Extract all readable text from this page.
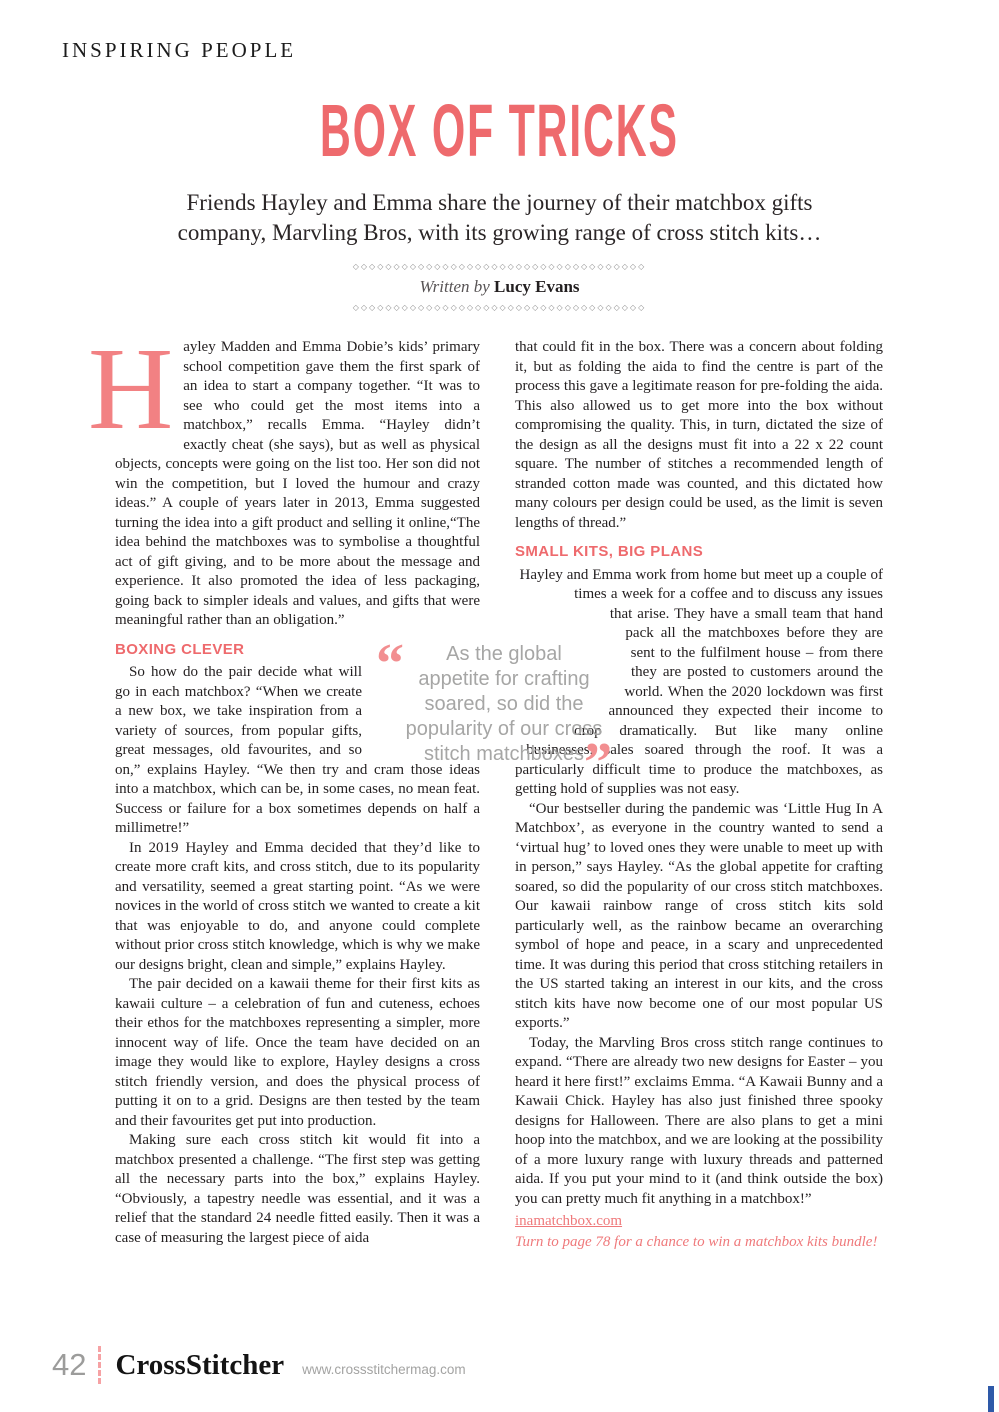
INSPIRING PEOPLE
BOX OF TRICKS
Friends Hayley and Emma share the journey of their matchbox gifts
company, Marvling Bros, with its growing range of cross stitch kits…
◇◇◇◇◇◇◇◇◇◇◇◇◇◇◇◇◇◇◇◇◇◇◇◇◇◇◇◇◇◇◇◇◇◇◇◇
Written by Lucy Evans
◇◇◇◇◇◇◇◇◇◇◇◇◇◇◇◇◇◇◇◇◇◇◇◇◇◇◇◇◇◇◇◇◇◇◇◇

Hayley Madden and Emma Dobie’s kids’ primary school competition gave them the first spark of an idea to start a company together. “It was to see who could get the most items into a matchbox,” recalls Emma. “Hayley didn’t exactly cheat (she says), but as well as physical objects, concepts were going on the list too. Her son did not win the competition, but I loved the humour and crazy ideas.” A couple of years later in 2013, Emma suggested turning the idea into a gift product and selling it online,“The idea behind the matchboxes was to symbolise a thoughtful act of gift giving, and to be more about the message and experience. It also promoted the idea of less packaging, going back to simpler ideals and values, and gifts that were meaningful rather than an obligation.”

BOXING CLEVER

So how do the pair decide what will go in each matchbox? “When we create a new box, we take inspiration from a variety of sources, from popular gifts, great messages, old favourites, and so on,” explains Hayley. “We then try and cram those ideas into a matchbox, which can be, in some cases, no mean feat. Success or failure for a box sometimes depends on half a millimetre!”

In 2019 Hayley and Emma decided that they’d like to create more craft kits, and cross stitch, due to its popularity and versatility, seemed a great starting point. “As we were novices in the world of cross stitch we wanted to create a kit that was enjoyable to do, and anyone could complete without prior cross stitch knowledge, which is why we make our designs bright, clean and simple,” explains Hayley.

The pair decided on a kawaii theme for their first kits as kawaii culture – a celebration of fun and cuteness, echoes their ethos for the matchboxes representing a simpler, more innocent way of life. Once the team have decided on an image they would like to explore, Hayley designs a cross stitch friendly version, and does the physical process of putting it on to a grid. Designs are then tested by the team and their favourites get put into production.

Making sure each cross stitch kit would fit into a matchbox presented a challenge. “The first step was getting all the necessary parts into the box,” explains Hayley. “Obviously, a tapestry needle was essential, and it was a relief that the standard 24 needle fitted easily. Then it was a case of measuring the largest piece of aida

that could fit in the box. There was a concern about folding it, but as folding the aida to find the centre is part of the process this gave a legitimate reason for pre-folding the aida. This also allowed us to get more into the box without compromising the quality. This, in turn, dictated the size of the design as all the designs must fit into a 22 x 22 count square. The number of stitches a recommended length of stranded cotton made was counted, and this dictated how many colours per design could be used, as the limit is seven lengths of thread.”

SMALL KITS, BIG PLANS

Hayley and Emma work from home but meet up a couple of times a week for a coffee and to discuss any issues that arise. They have a small team that hand pack all the matchboxes before they are sent to the fulfilment house – from there they are posted to customers around the world. When the 2020 lockdown was first announced they expected their income to drop dramatically. But like many online businesses, sales soared through the roof. It was a particularly difficult time to produce the matchboxes, as getting hold of supplies was not easy.

“Our bestseller during the pandemic was ‘Little Hug In A Matchbox’, as everyone in the country wanted to send a ‘virtual hug’ to loved ones they were unable to meet up with in person,” says Hayley. “As the global appetite for crafting soared, so did the popularity of our cross stitch matchboxes. Our kawaii rainbow range of cross stitch kits sold particularly well, as the rainbow became an overarching symbol of hope and peace, in a scary and unprecedented time. It was during this period that cross stitching retailers in the US started taking an interest in our kits, and the cross stitch kits have now become one of our most popular US exports.”

Today, the Marvling Bros cross stitch range continues to expand. “There are already two new designs for Easter – you heard it here first!” exclaims Emma. “A Kawaii Bunny and a Kawaii Chick. Hayley has also just finished three spooky designs for Halloween. There are also plans to get a mini hoop into the matchbox, and we are looking at the possibility of a more luxury range with luxury threads and patterned aida. If you put your mind to it (and think outside the box) you can pretty much fit anything in a matchbox!”

inamatchbox.com
Turn to page 78 for a chance to win a matchbox kits bundle!
“	As the global
appetite for crafting
soared, so did the
popularity of our cross
stitch matchboxes ”
42 CrossStitcher www.crossstitchermag.com
